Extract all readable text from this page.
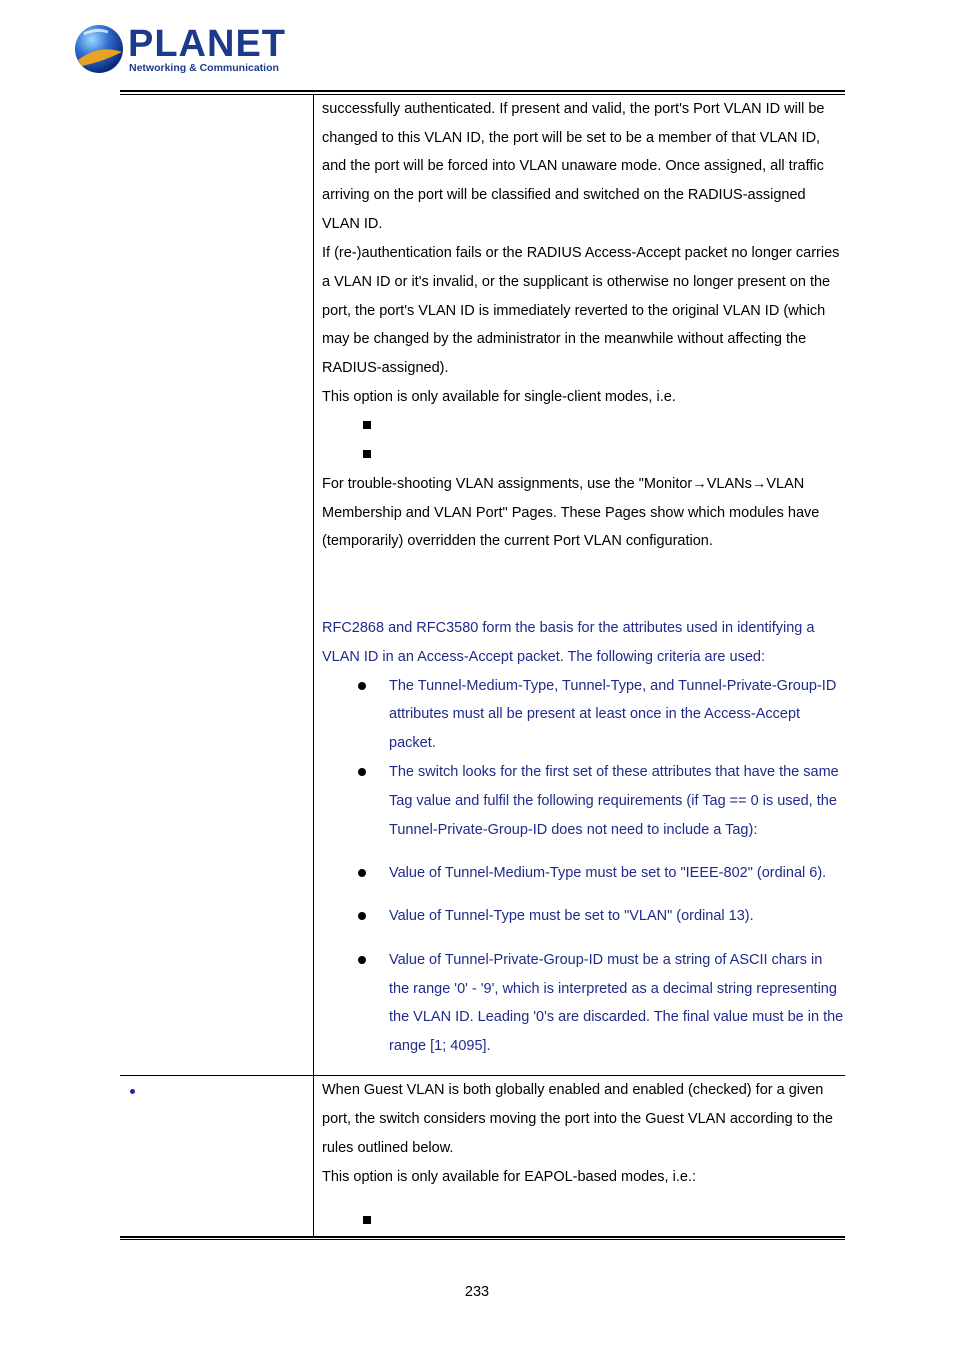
PLANET
Networking & Communication
successfully authenticated. If present and valid, the port's Port VLAN ID will be
changed to this VLAN ID, the port will be set to be a member of that VLAN ID,
and the port will be forced into VLAN unaware mode. Once assigned, all traffic
arriving on the port will be classified and switched on the RADIUS-assigned
VLAN ID.
If (re-)authentication fails or the RADIUS Access-Accept packet no longer carries
a VLAN ID or it's invalid, or the supplicant is otherwise no longer present on the
port, the port's VLAN ID is immediately reverted to the original VLAN ID (which
may be changed by the administrator in the meanwhile without affecting the
RADIUS-assigned).
This option is only available for single-client modes, i.e.
For trouble-shooting VLAN assignments, use the "Monitor→VLANs→VLAN
Membership and VLAN Port" Pages. These Pages show which modules have
(temporarily) overridden the current Port VLAN configuration.
RFC2868 and RFC3580 form the basis for the attributes used in identifying a
VLAN ID in an Access-Accept packet. The following criteria are used:
The Tunnel-Medium-Type, Tunnel-Type, and Tunnel-Private-Group-ID
attributes must all be present at least once in the Access-Accept
packet.
The switch looks for the first set of these attributes that have the same
Tag value and fulfil the following requirements (if Tag == 0 is used, the
Tunnel-Private-Group-ID does not need to include a Tag):
Value of Tunnel-Medium-Type must be set to "IEEE-802" (ordinal 6).
Value of Tunnel-Type must be set to "VLAN" (ordinal 13).
Value of Tunnel-Private-Group-ID must be a string of ASCII chars in
the range '0' - '9', which is interpreted as a decimal string representing
the VLAN ID. Leading '0's are discarded. The final value must be in the
range [1; 4095].
When Guest VLAN is both globally enabled and enabled (checked) for a given
port, the switch considers moving the port into the Guest VLAN according to the
rules outlined below.
This option is only available for EAPOL-based modes, i.e.:
233
